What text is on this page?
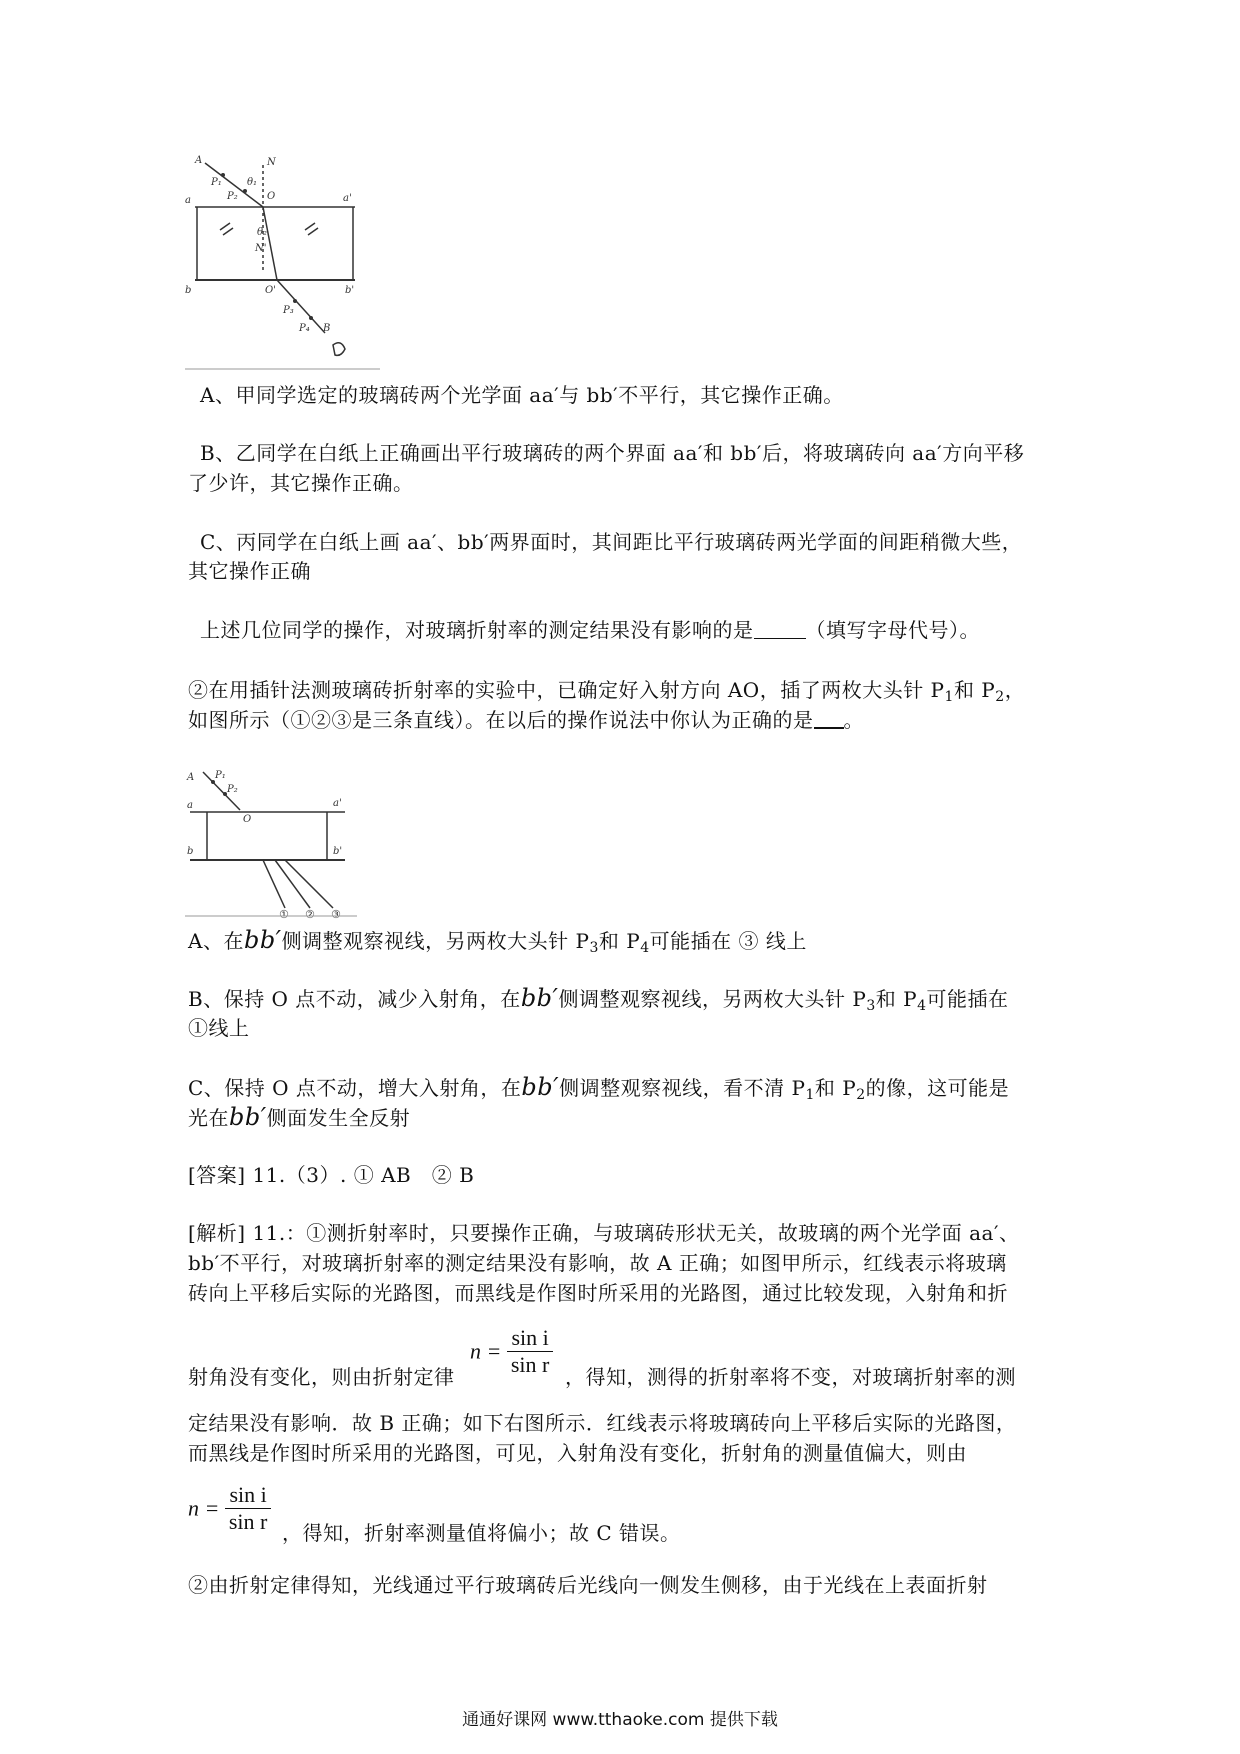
A	N
P₁	θ₁
P₂	O
a	a'
θ₂
N'
b	O'	b'
P₃
P₄ B
A、甲同学选定的玻璃砖两个光学面 aa′与 bb′不平行，其它操作正确。
B、乙同学在白纸上正确画出平行玻璃砖的两个界面 aa′和 bb′后，将玻璃砖向 aa′方向平移
了少许，其它操作正确。
C、丙同学在白纸上画 aa′、bb′两界面时，其间距比平行玻璃砖两光学面的间距稍微大些，
其它操作正确
上述几位同学的操作，对玻璃折射率的测定结果没有影响的是	（填写字母代号）。
②在用插针法测玻璃砖折射率的实验中，已确定好入射方向 AO，插了两枚大头针 $P_1$和 $P_2$，
如图所示（①②③是三条直线）。在以后的操作说法中你认为正确的是 。
A P₁
P₂
a	a'
O
b	b'
① ② ③
A、在bb′侧调整观察视线，另两枚大头针 $P_3$和 $P_4$可能插在 ③ 线上
B、保持 O 点不动，减少入射角，在bb′侧调整观察视线，另两枚大头针 $P_3$和 $P_4$可能插在
①线上
C、保持 O 点不动，增大入射角，在bb′侧调整观察视线，看不清 $P_1$和 $P_2$的像，这可能是
光在bb′侧面发生全反射
[答案] 11.（3）. ① AB　② B
[解析] 11.：①测折射率时，只要操作正确，与玻璃砖形状无关，故玻璃的两个光学面 aa′、
bb′不平行，对玻璃折射率的测定结果没有影响，故 A 正确；如图甲所示，红线表示将玻璃
砖向上平移后实际的光路图，而黑线是作图时所采用的光路图，通过比较发现，入射角和折
$n = \frac{\text{sin i}}{\text{sin r}}$
射角没有变化，则由折射定律	，得知，测得的折射率将不变，对玻璃折射率的测
定结果没有影响．故 B 正确；如下右图所示．红线表示将玻璃砖向上平移后实际的光路图，
而黑线是作图时所采用的光路图，可见，入射角没有变化，折射角的测量值偏大，则由
$n = \frac{\text{sin i}}{\text{sin r}}$ ，得知，折射率测量值将偏小；故 C 错误。
②由折射定律得知，光线通过平行玻璃砖后光线向一侧发生侧移，由于光线在上表面折射
通通好课网 www.tthaoke.com 提供下载
